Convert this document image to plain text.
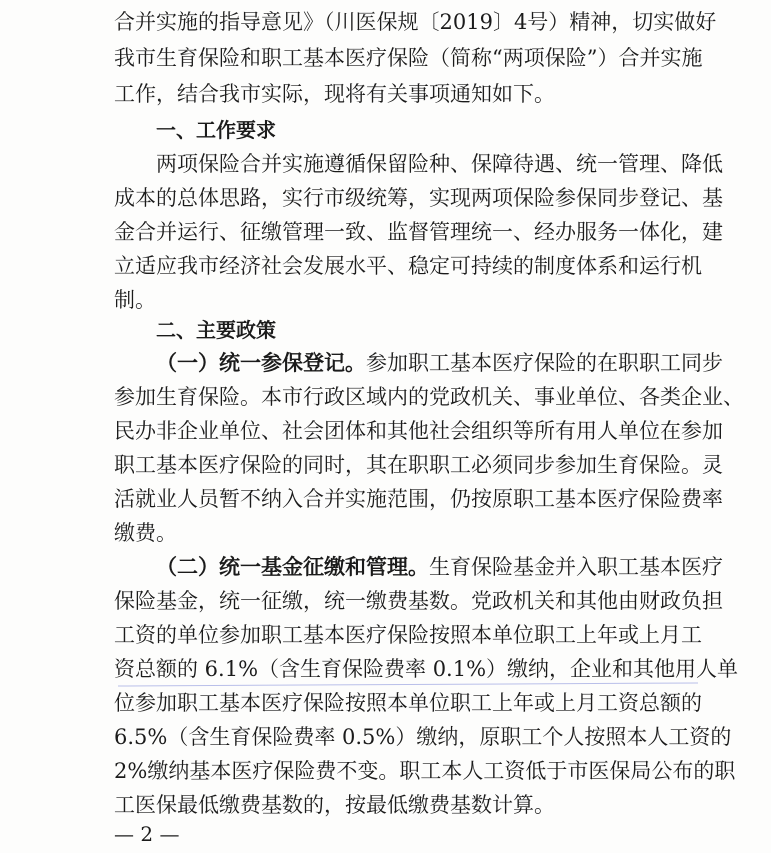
合并实施的指导意见》（川医保规〔2019〕4号）精神，切实做好
我市生育保险和职工基本医疗保险（简称“两项保险”）合并实施
工作，结合我市实际，现将有关事项通知如下。
一、工作要求
两项保险合并实施遵循保留险种、保障待遇、统一管理、降低
成本的总体思路，实行市级统筹，实现两项保险参保同步登记、基
金合并运行、征缴管理一致、监督管理统一、经办服务一体化，建
立适应我市经济社会发展水平、稳定可持续的制度体系和运行机
制。
二、主要政策
（一）统一参保登记。参加职工基本医疗保险的在职职工同步
参加生育保险。本市行政区域内的党政机关、事业单位、各类企业、
民办非企业单位、社会团体和其他社会组织等所有用人单位在参加
职工基本医疗保险的同时，其在职职工必须同步参加生育保险。灵
活就业人员暂不纳入合并实施范围，仍按原职工基本医疗保险费率
缴费。
（二）统一基金征缴和管理。生育保险基金并入职工基本医疗
保险基金，统一征缴，统一缴费基数。党政机关和其他由财政负担
工资的单位参加职工基本医疗保险按照本单位职工上年或上月工
资总额的 6.1%（含生育保险费率 0.1%）缴纳，企业和其他用人单
位参加职工基本医疗保险按照本单位职工上年或上月工资总额的
6.5%（含生育保险费率 0.5%）缴纳，原职工个人按照本人工资的
2%缴纳基本医疗保险费不变。职工本人工资低于市医保局公布的职
工医保最低缴费基数的，按最低缴费基数计算。
— 2 —
